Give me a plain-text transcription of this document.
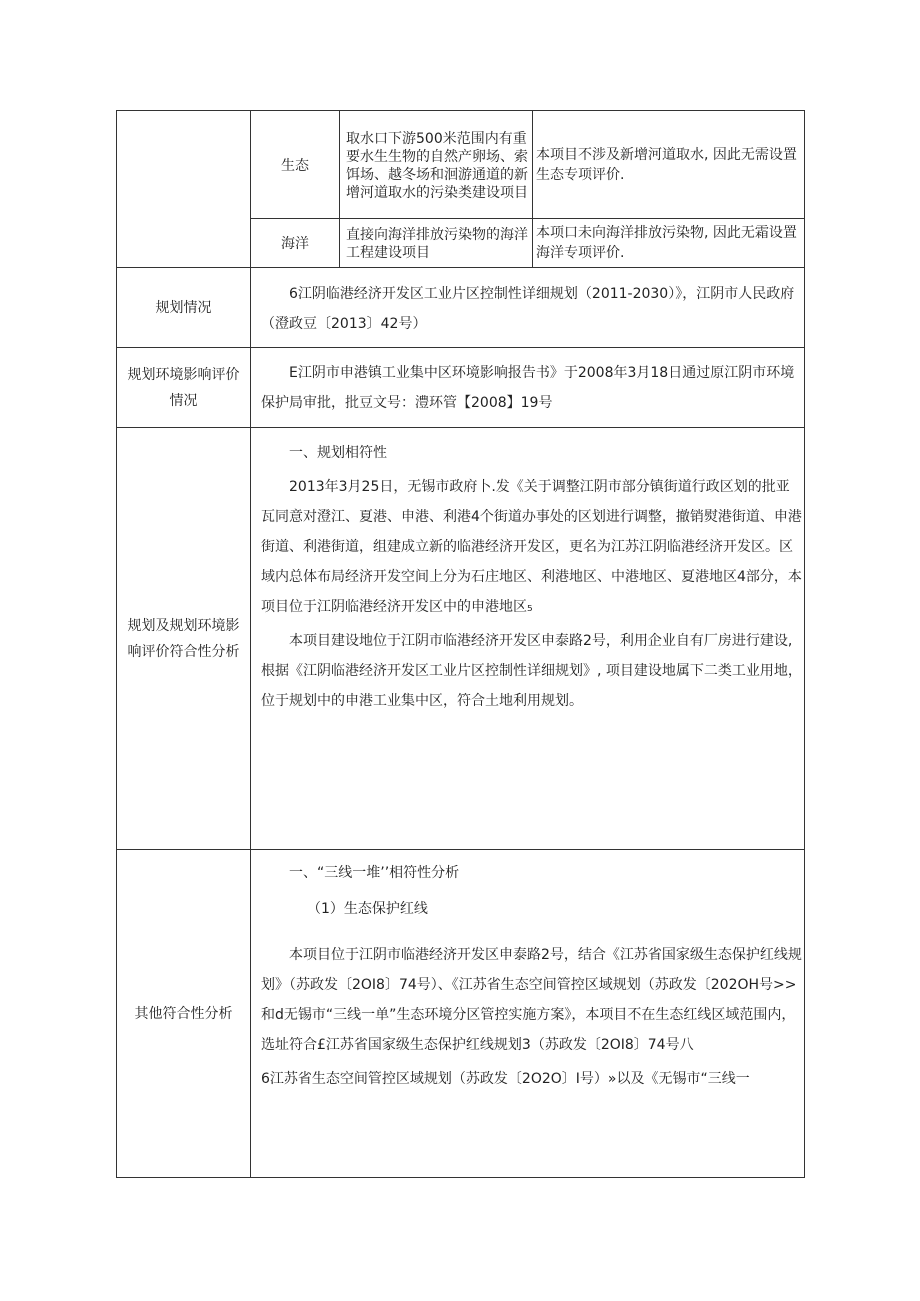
	生态	取水口下游500米范围内有重要水生生物的自然产卵场、索饵场、越冬场和洄游通道的新增河道取水的污染类建设项目	本项目不涉及新增河道取水, 因此无需设置生态专项评价.
	海洋	直接向海洋排放污染物的海洋工程建设项目	本项口未向海洋排放污染物, 因此无霜设置海洋专项评价.
规划情况	6江阴临港经济开发区工业片区控制性详细规划（2011-2030）》，江阴市人民政府（澄政豆〔2013〕42号）		

规划环境影响评价情况	E江阴市申港镇工业集中区环境影响报告书》于2008年3月18日通过原江阴市环境保护局审批，批豆文号：澧环管【2008】19号		

规划及规划环境影响评价符合性分析	一、规划相符性

2013年3月25日，无锡市政府卜.发《关于调整江阴市部分镇街道行政区划的批亚瓦同意对澄江、夏港、申港、利港4个街道办事处的区划进行调整，撤销熨港街道、申港街道、利港街道，组建成立新的临港经济开发区，更名为江苏江阴临港经济开发区。区域内总体布局经济开发空间上分为石庄地区、利港地区、中港地区、夏港地区4部分，本项目位于江阴临港经济开发区中的申港地区₅

本项目建设地位于江阴市临港经济开发区申泰路2号，利用企业自有厂房进行建设, 根据《江阴临港经济开发区工业片区控制性详细规划》, 项目建设地属下二类工业用地，位于规划中的申港工业集中区，符合土地利用规划。		

其他符合性分析	一、“三线一堆’’相符性分析

（1）生态保护红线

本项目位于江阴市临港经济开发区申泰路2号，结合《江苏省国家级生态保护红线规划》（苏政发〔2OI8〕74号）、《江苏省生态空间管控区域规划（苏政发〔202OH号>>和d无锡市“三线一单”生态环境分区管控实施方案》，本项目不在生态红线区域范围内，选址符合£江苏省国家级生态保护红线规划3（苏政发〔2OI8〕74号八

6江苏省生态空间管控区域规划（苏政发〔2O2O〕I号）»以及《无锡市“三线一		
